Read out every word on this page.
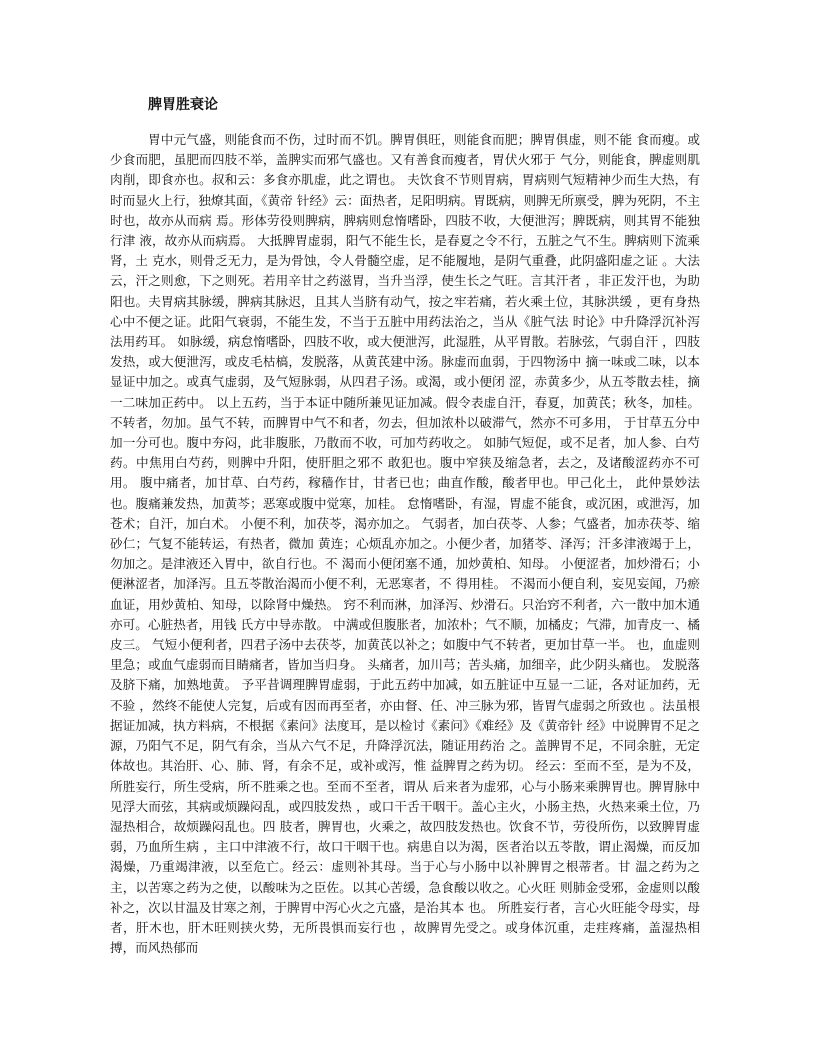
脾胃胜衰论

胃中元气盛，则能食而不伤，过时而不饥。脾胃俱旺，则能食而肥；脾胃俱虚，则不能 食而瘦。或少食而肥，虽肥而四肢不举，盖脾实而邪气盛也。又有善食而瘦者，胃伏火邪于 气分，则能食，脾虚则肌肉削，即食亦也。叔和云：多食亦肌虚，此之谓也。 夫饮食不节则胃病，胃病则气短精神少而生大热，有时而显火上行，独燎其面，《黄帝 针经》云：面热者，足阳明病。胃既病，则脾无所禀受，脾为死阴，不主时也，故亦从而病 焉。形体劳役则脾病，脾病则怠惰嗜卧，四肢不收，大便泄泻；脾既病，则其胃不能独行津 液，故亦从而病焉。 大抵脾胃虚弱，阳气不能生长，是春夏之令不行，五脏之气不生。脾病则下流乘肾，土 克水，则骨乏无力，是为骨蚀，令人骨髓空虚，足不能履地，是阴气重叠，此阴盛阳虚之证 。大法云，汗之则愈，下之则死。若用辛甘之药滋胃，当升当浮，使生长之气旺。言其汗者 ，非正发汗也，为助阳也。夫胃病其脉缓，脾病其脉迟，且其人当脐有动气，按之牢若痛，若火乘土位，其脉洪缓 ，更有身热心中不便之证。此阳气衰弱，不能生发，不当于五脏中用药法治之，当从《脏气法 时论》中升降浮沉补泻法用药耳。 如脉缓，病怠惰嗜卧，四肢不收，或大便泄泻，此湿胜，从平胃散。若脉弦，气弱自汗 ，四肢发热，或大便泄泻，或皮毛枯槁，发脱落，从黄芪建中汤。脉虚而血弱，于四物汤中 摘一味或二味，以本显证中加之。或真气虚弱，及气短脉弱，从四君子汤。或渴，或小便闭 涩，赤黄多少，从五苓散去桂，摘一二味加正药中。 以上五药，当于本证中随所兼见证加减。假令表虚自汗，春夏，加黄芪；秋冬，加桂。 不转者，勿加。虽气不转，而脾胃中气不和者，勿去，但加浓朴以破滞气，然亦不可多用， 于甘草五分中加一分可也。腹中夯闷，此非腹胀，乃散而不收，可加芍药收之。 如肺气短促，或不足者，加人参、白芍药。中焦用白芍药，则脾中升阳，使肝胆之邪不 敢犯也。腹中窄狭及缩急者，去之，及诸酸涩药亦不可用。 腹中痛者，加甘草、白芍药，稼穑作甘，甘者已也；曲直作酸，酸者甲也。甲己化土， 此仲景妙法也。腹痛兼发热，加黄芩；恶寒或腹中觉寒，加桂。 怠惰嗜卧，有湿，胃虚不能食，或沉困，或泄泻，加苍术；自汗，加白术。 小便不利，加茯苓，渴亦加之。 气弱者，加白茯苓、人参；气盛者，加赤茯苓、缩砂仁；气复不能转运，有热者，微加 黄连；心烦乱亦加之。小便少者，加猪苓、泽泻；汗多津液竭于上，勿加之。是津液还入胃中，欲自行也。不 渴而小便闭塞不通，加炒黄柏、知母。 小便涩者，加炒滑石；小便淋涩者，加泽泻。且五苓散治渴而小便不利，无恶寒者，不 得用桂。 不渴而小便自利，妄见妄闻，乃瘀血证，用炒黄柏、知母，以除肾中燥热。 窍不利而淋，加泽泻、炒滑石。只治窍不利者，六一散中加木通亦可。心脏热者，用钱 氏方中导赤散。 中满或但腹胀者，加浓朴；气不顺，加橘皮；气滞，加青皮一、橘皮三。 气短小便利者，四君子汤中去茯苓，加黄芪以补之；如腹中气不转者，更加甘草一半。 也，血虚则里急；或血气虚弱而目睛痛者，皆加当归身。 头痛者，加川芎；苦头痛，加细辛，此少阴头痛也。 发脱落及脐下痛，加熟地黄。 予平昔调理脾胃虚弱，于此五药中加减，如五脏证中互显一二证，各对证加药，无不验 ，然终不能使人完复，后或有因而再至者，亦由督、任、冲三脉为邪，皆胃气虚弱之所致也 。法虽根据证加减，执方料病，不根据《素问》法度耳，是以检讨《素问》《难经》及《黄帝针 经》中说脾胃不足之源，乃阳气不足，阴气有余，当从六气不足，升降浮沉法，随证用药治 之。盖脾胃不足，不同余脏，无定体故也。其治肝、心、肺、肾，有余不足，或补或泻，惟 益脾胃之药为切。 经云：至而不至，是为不及，所胜妄行，所生受病，所不胜乘之也。至而不至者，谓从 后来者为虚邪，心与小肠来乘脾胃也。脾胃脉中见浮大而弦，其病或烦躁闷乱，或四肢发热 ，或口干舌干咽干。盖心主火，小肠主热，火热来乘土位，乃湿热相合，故烦躁闷乱也。四 肢者，脾胃也，火乘之，故四肢发热也。饮食不节，劳役所伤，以致脾胃虚弱，乃血所生病 ，主口中津液不行，故口干咽干也。病患自以为渴，医者治以五苓散，谓止渴燥，而反加 渴燥，乃重竭津液，以至危亡。经云：虚则补其母。当于心与小肠中以补脾胃之根蒂者。甘 温之药为之主，以苦寒之药为之使，以酸味为之臣佐。以其心苦缓，急食酸以收之。心火旺 则肺金受邪，金虚则以酸补之，次以甘温及甘寒之剂，于脾胃中泻心火之亢盛，是治其本 也。 所胜妄行者，言心火旺能令母实，母者，肝木也，肝木旺则挟火势，无所畏惧而妄行也 ，故脾胃先受之。或身体沉重，走疰疼痛，盖湿热相搏，而风热郁而
